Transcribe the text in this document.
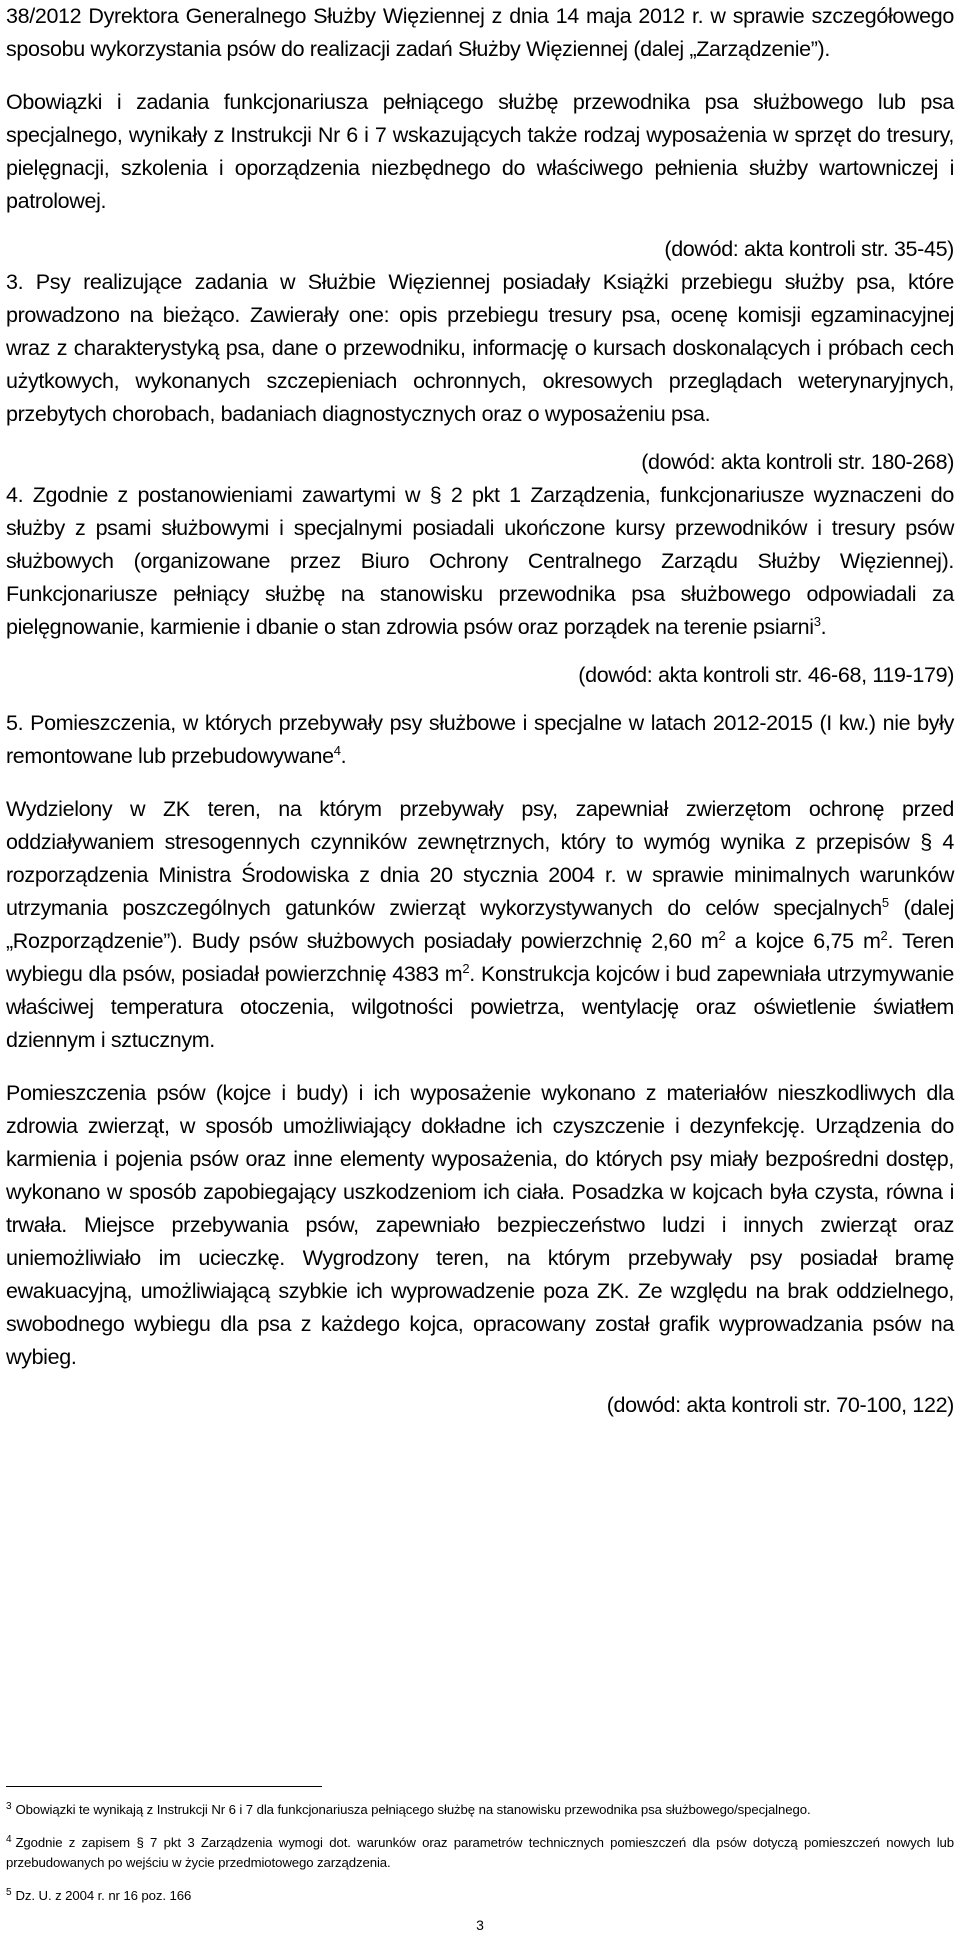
38/2012 Dyrektora Generalnego Służby Więziennej z dnia 14 maja 2012 r. w sprawie szczegółowego sposobu wykorzystania psów do realizacji zadań Służby Więziennej (dalej „Zarządzenie”).

Obowiązki i zadania funkcjonariusza pełniącego służbę przewodnika psa służbowego lub psa specjalnego, wynikały z Instrukcji Nr 6 i 7 wskazujących także rodzaj wyposażenia w sprzęt do tresury, pielęgnacji, szkolenia i oporządzenia niezbędnego do właściwego pełnienia służby wartowniczej i patrolowej.

(dowód: akta kontroli str. 35-45)

3. Psy realizujące zadania w Służbie Więziennej posiadały Książki przebiegu służby psa, które prowadzono na bieżąco. Zawierały one: opis przebiegu tresury psa, ocenę komisji egzaminacyjnej wraz z charakterystyką psa, dane o przewodniku, informację o kursach doskonalących i próbach cech użytkowych, wykonanych szczepieniach ochronnych, okresowych przeglądach weterynaryjnych, przebytych chorobach, badaniach diagnostycznych oraz o wyposażeniu psa.

(dowód: akta kontroli str. 180-268)

4. Zgodnie z postanowieniami zawartymi w § 2 pkt 1 Zarządzenia, funkcjonariusze wyznaczeni do służby z psami służbowymi i specjalnymi posiadali ukończone kursy przewodników i tresury psów służbowych (organizowane przez Biuro Ochrony Centralnego Zarządu Służby Więziennej). Funkcjonariusze pełniący służbę na stanowisku przewodnika psa służbowego odpowiadali za pielęgnowanie, karmienie i dbanie o stan zdrowia psów oraz porządek na terenie psiarni$^3$.

(dowód: akta kontroli str. 46-68, 119-179)

5. Pomieszczenia, w których przebywały psy służbowe i specjalne w latach 2012-2015 (I kw.) nie były remontowane lub przebudowywane$^4$.

Wydzielony w ZK teren, na którym przebywały psy, zapewniał zwierzętom ochronę przed oddziaływaniem stresogennych czynników zewnętrznych, który to wymóg wynika z przepisów § 4 rozporządzenia Ministra Środowiska z dnia 20 stycznia 2004 r. w sprawie minimalnych warunków utrzymania poszczególnych gatunków zwierząt wykorzystywanych do celów specjalnych$^5$ (dalej „Rozporządzenie”). Budy psów służbowych posiadały powierzchnię 2,60 $m^2$ a kojce 6,75 $m^2$. Teren wybiegu dla psów, posiadał powierzchnię 4383 $m^2$. Konstrukcja kojców i bud zapewniała utrzymywanie właściwej temperatura otoczenia, wilgotności powietrza, wentylację oraz oświetlenie światłem dziennym i sztucznym.

Pomieszczenia psów (kojce i budy) i ich wyposażenie wykonano z materiałów nieszkodliwych dla zdrowia zwierząt, w sposób umożliwiający dokładne ich czyszczenie i dezynfekcję. Urządzenia do karmienia i pojenia psów oraz inne elementy wyposażenia, do których psy miały bezpośredni dostęp, wykonano w sposób zapobiegający uszkodzeniom ich ciała. Posadzka w kojcach była czysta, równa i trwała. Miejsce przebywania psów, zapewniało bezpieczeństwo ludzi i innych zwierząt oraz uniemożliwiało im ucieczkę. Wygrodzony teren, na którym przebywały psy posiadał bramę ewakuacyjną, umożliwiającą szybkie ich wyprowadzenie poza ZK. Ze względu na brak oddzielnego, swobodnego wybiegu dla psa z każdego kojca, opracowany został grafik wyprowadzania psów na wybieg.

(dowód: akta kontroli str. 70-100, 122)

$^3$ Obowiązki te wynikają z Instrukcji Nr 6 i 7 dla funkcjonariusza pełniącego służbę na stanowisku przewodnika psa służbowego/specjalnego.

$^4$ Zgodnie z zapisem § 7 pkt 3 Zarządzenia wymogi dot. warunków oraz parametrów technicznych pomieszczeń dla psów dotyczą pomieszczeń nowych lub przebudowanych po wejściu w życie przedmiotowego zarządzenia.

$^5$ Dz. U. z 2004 r. nr 16 poz. 166

3
